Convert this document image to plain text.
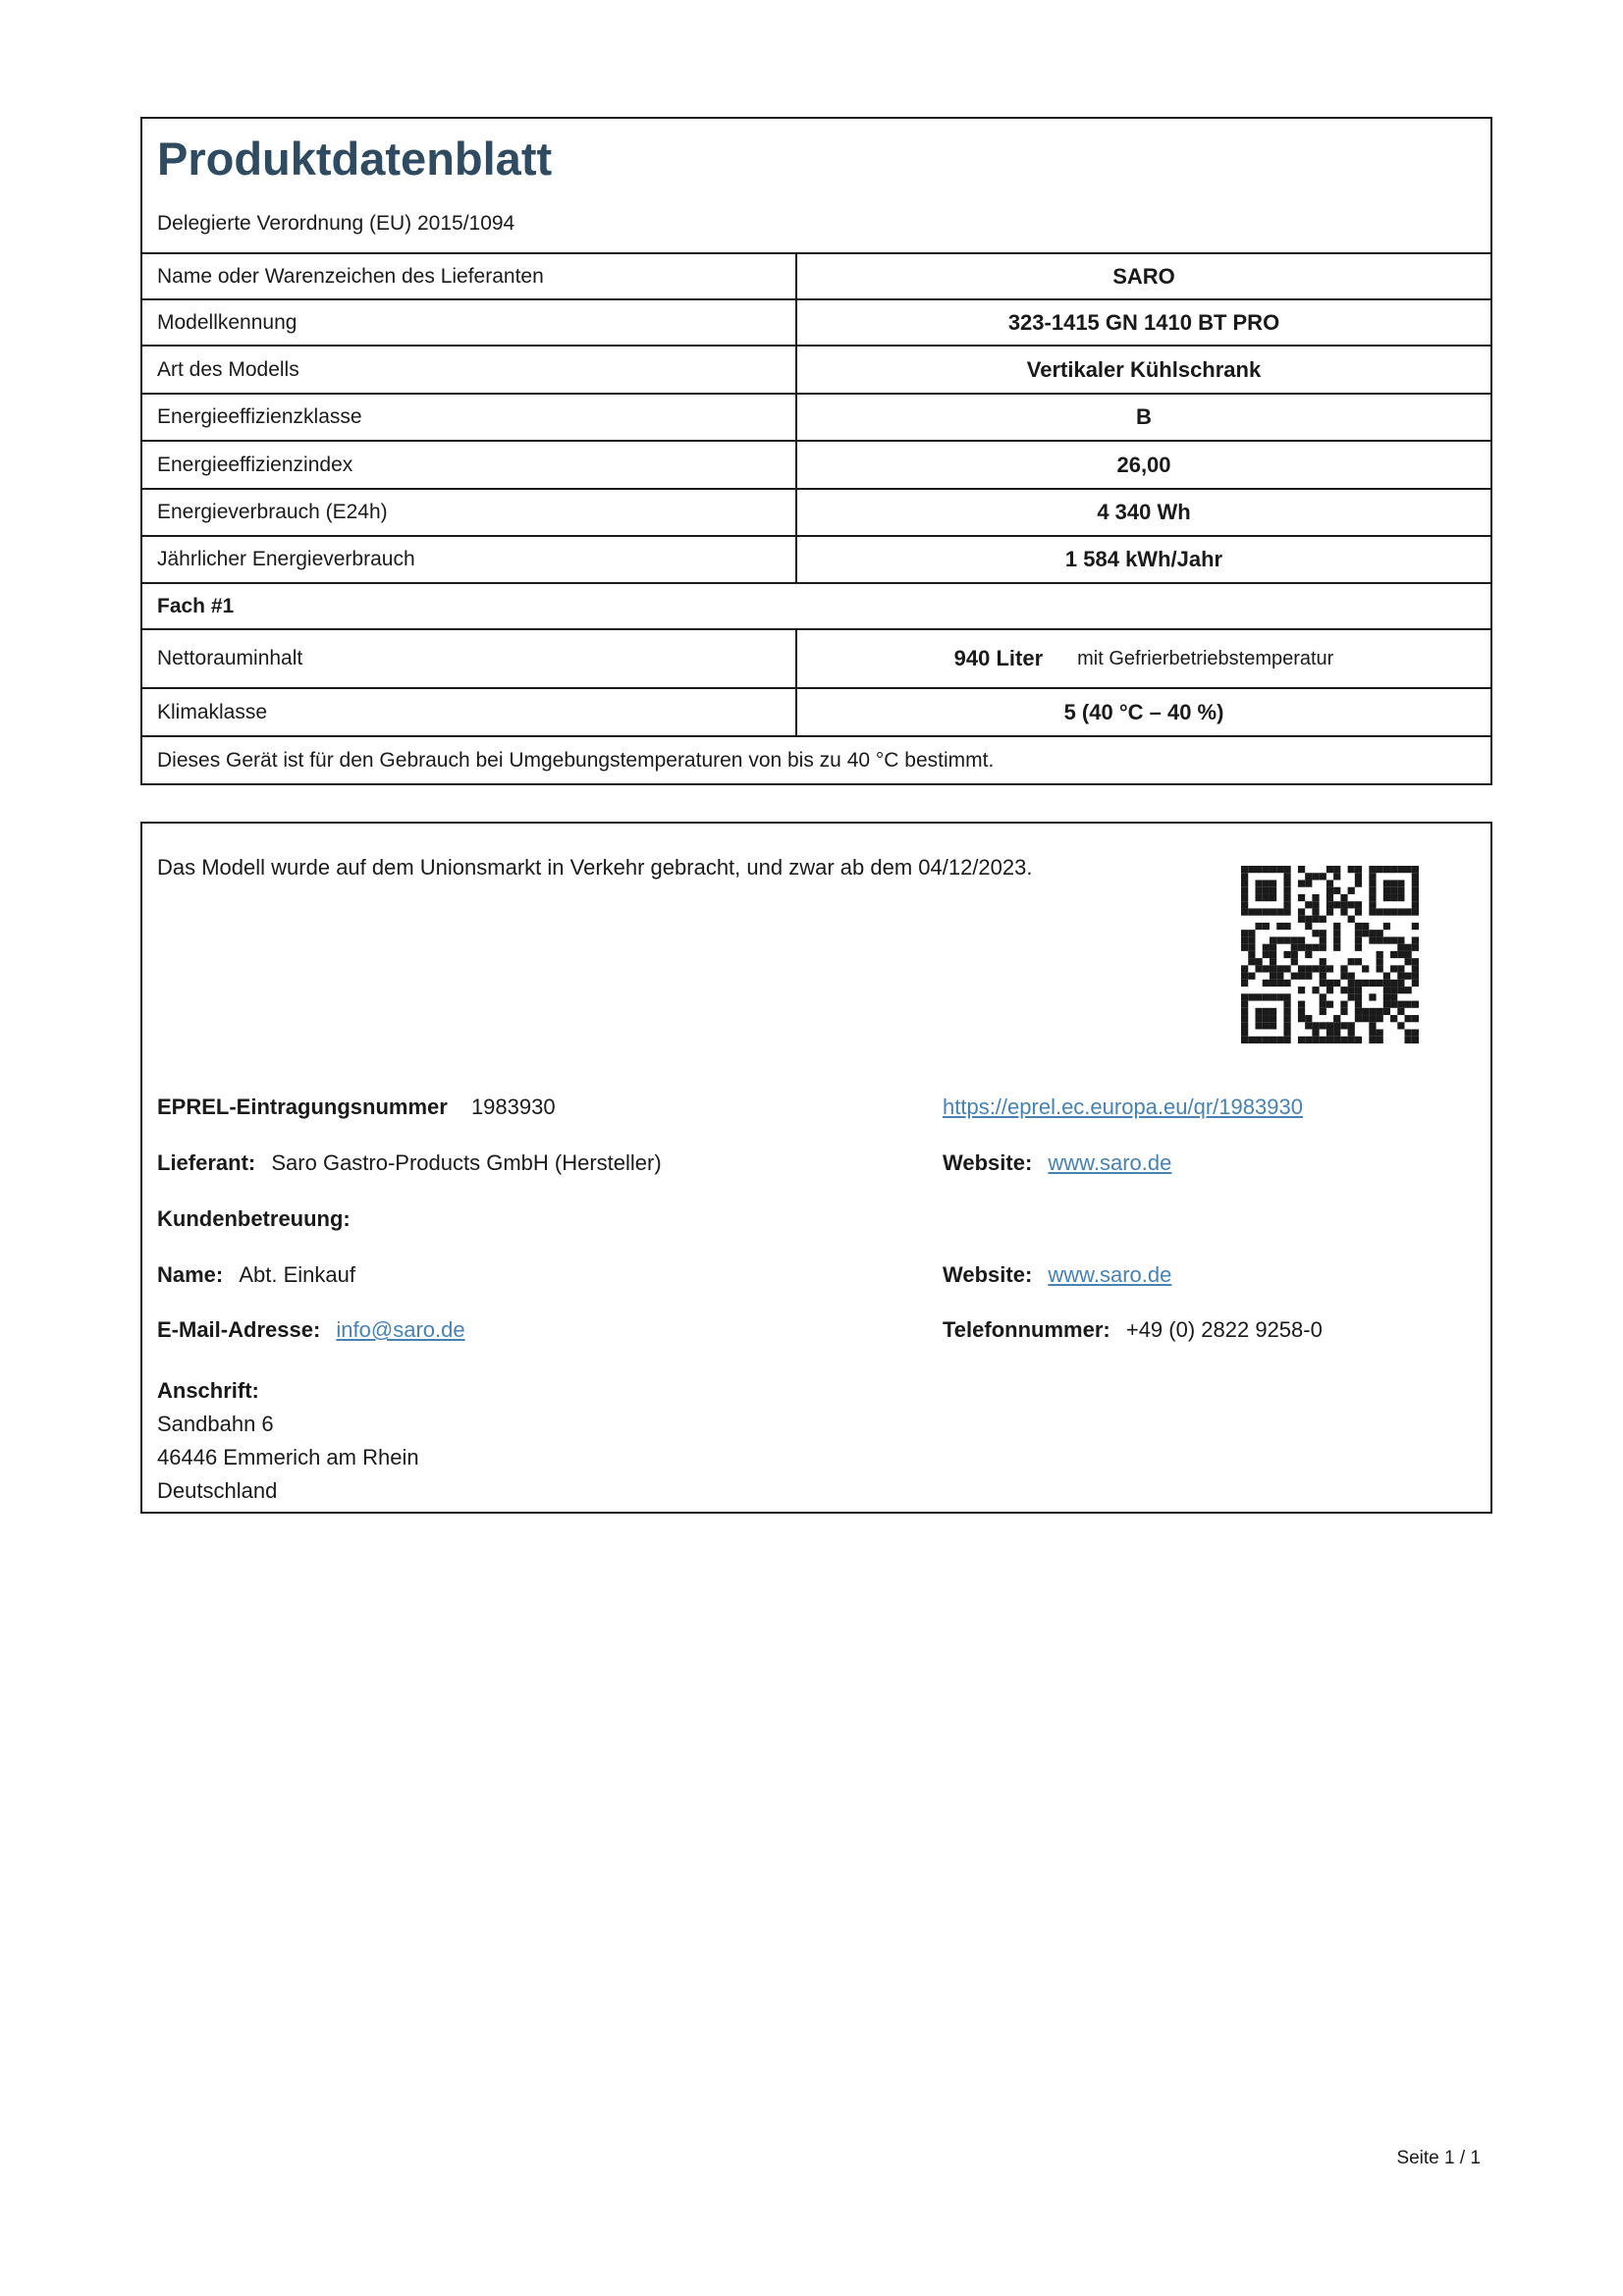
Produktdatenblatt
Delegierte Verordnung (EU) 2015/1094
Name oder Warenzeichen des Lieferanten	SARO
Modellkennung	323-1415 GN 1410 BT PRO
Art des Modells	Vertikaler Kühlschrank
Energieeffizienzklasse	B
Energieeffizienzindex	26,00
Energieverbrauch (E24h)	4 340 Wh
Jährlicher Energieverbrauch	1 584 kWh/Jahr
Fach #1
Nettorauminhalt	940 Liter mit Gefrierbetriebstemperatur
Klimaklasse	5 (40 °C – 40 %)
Dieses Gerät ist für den Gebrauch bei Umgebungstemperaturen von bis zu 40 °C bestimmt.
Das Modell wurde auf dem Unionsmarkt in Verkehr gebracht, und zwar ab dem 04/12/2023.
EPREL-Eintragungsnummer 1983930	https://eprel.ec.europa.eu/qr/1983930
Lieferant: Saro Gastro-Products GmbH (Hersteller)	Website: www.saro.de
Kundenbetreuung:
Name: Abt. Einkauf	Website: www.saro.de
E-Mail-Adresse: info@saro.de	Telefonnummer: +49 (0) 2822 9258-0
Anschrift:
Sandbahn 6
46446 Emmerich am Rhein
Deutschland
Seite 1 / 1
